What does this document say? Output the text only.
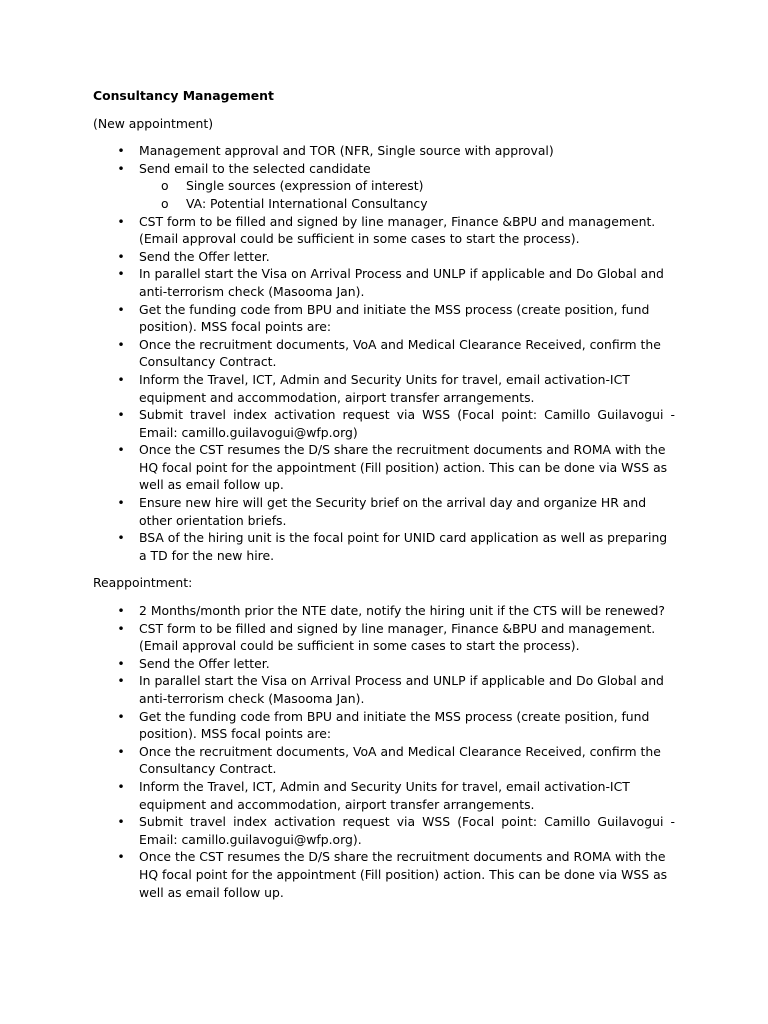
Consultancy Management
(New appointment)
• Management approval and TOR (NFR, Single source with approval)
• Send email to the selected candidate
o Single sources (expression of interest)
o VA: Potential International Consultancy
• CST form to be filled and signed by line manager, Finance &BPU and management. (Email approval could be sufficient in some cases to start the process).
• Send the Offer letter.
• In parallel start the Visa on Arrival Process and UNLP if applicable and Do Global and anti-terrorism check (Masooma Jan).
• Get the funding code from BPU and initiate the MSS process (create position, fund position). MSS focal points are:
• Once the recruitment documents, VoA and Medical Clearance Received, confirm the Consultancy Contract.
• Inform the Travel, ICT, Admin and Security Units for travel, email activation-ICT equipment and accommodation, airport transfer arrangements.
• Submit travel index activation request via WSS (Focal point: Camillo Guilavogui -Email: camillo.guilavogui@wfp.org)
• Once the CST resumes the D/S share the recruitment documents and ROMA with the HQ focal point for the appointment (Fill position) action. This can be done via WSS as well as email follow up.
• Ensure new hire will get the Security brief on the arrival day and organize HR and other orientation briefs.
• BSA of the hiring unit is the focal point for UNID card application as well as preparing a TD for the new hire.
Reappointment:
• 2 Months/month prior the NTE date, notify the hiring unit if the CTS will be renewed?
• CST form to be filled and signed by line manager, Finance &BPU and management. (Email approval could be sufficient in some cases to start the process).
• Send the Offer letter.
• In parallel start the Visa on Arrival Process and UNLP if applicable and Do Global and anti-terrorism check (Masooma Jan).
• Get the funding code from BPU and initiate the MSS process (create position, fund position). MSS focal points are:
• Once the recruitment documents, VoA and Medical Clearance Received, confirm the Consultancy Contract.
• Inform the Travel, ICT, Admin and Security Units for travel, email activation-ICT equipment and accommodation, airport transfer arrangements.
• Submit travel index activation request via WSS (Focal point: Camillo Guilavogui -Email: camillo.guilavogui@wfp.org).
• Once the CST resumes the D/S share the recruitment documents and ROMA with the HQ focal point for the appointment (Fill position) action. This can be done via WSS as well as email follow up.
